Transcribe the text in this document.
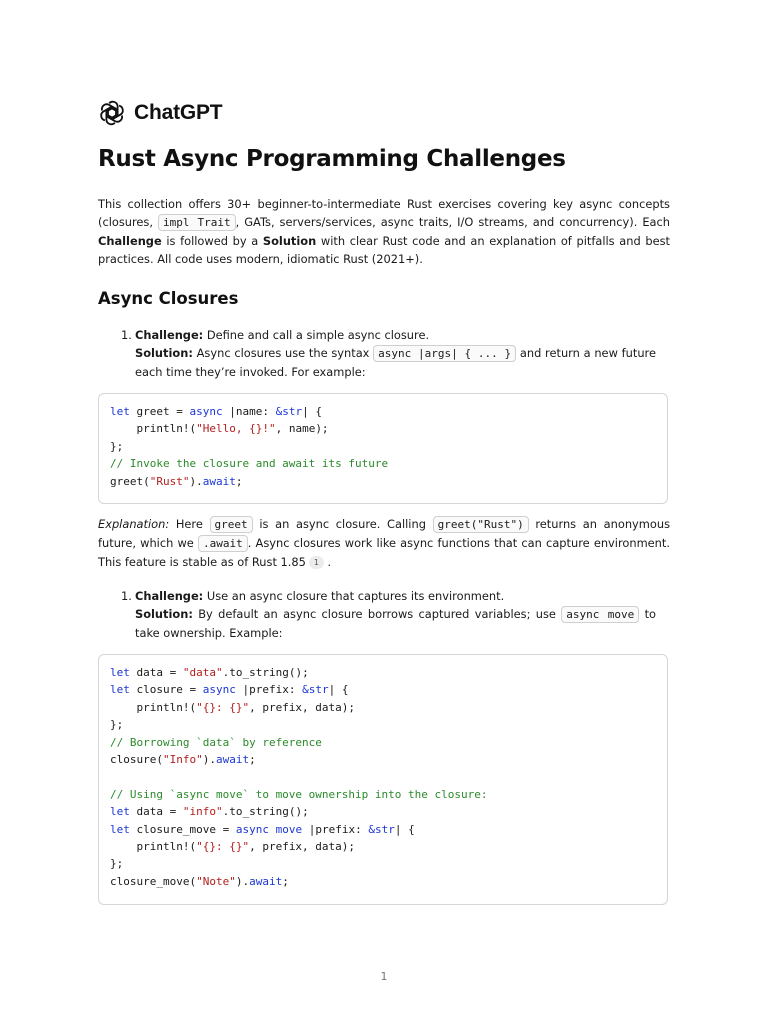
ChatGPT
Rust Async Programming Challenges

This collection offers 30+ beginner-to-intermediate Rust exercises covering key async concepts (closures, impl Trait , GATs, servers/services, async traits, I/O streams, and concurrency). Each Challenge is followed by a Solution with clear Rust code and an explanation of pitfalls and best practices. All code uses modern, idiomatic Rust (2021+).

Async Closures
1. Challenge: Define and call a simple async closure.
Solution: Async closures use the syntax async |args| { ... } and return a new future each time they’re invoked. For example:
let greet = async |name: &str| {
println!("Hello, {}!", name);
};
// Invoke the closure and await its future
greet("Rust").await;

Explanation: Here greet is an async closure. Calling greet("Rust") returns an anonymous future, which we .await . Async closures work like async functions that can capture environment. This feature is stable as of Rust 1.85 1 .

1. Challenge: Use an async closure that captures its environment.
Solution: By default an async closure borrows captured variables; use async move to take ownership. Example:
let data = "data".to_string();
let closure = async |prefix: &str| {
println!("{}: {}", prefix, data);
};
// Borrowing `data` by reference
closure("Info").await;

// Using `async move` to move ownership into the closure:
let data = "info".to_string();
let closure_move = async move |prefix: &str| {
println!("{}: {}", prefix, data);
};
closure_move("Note").await;
1
